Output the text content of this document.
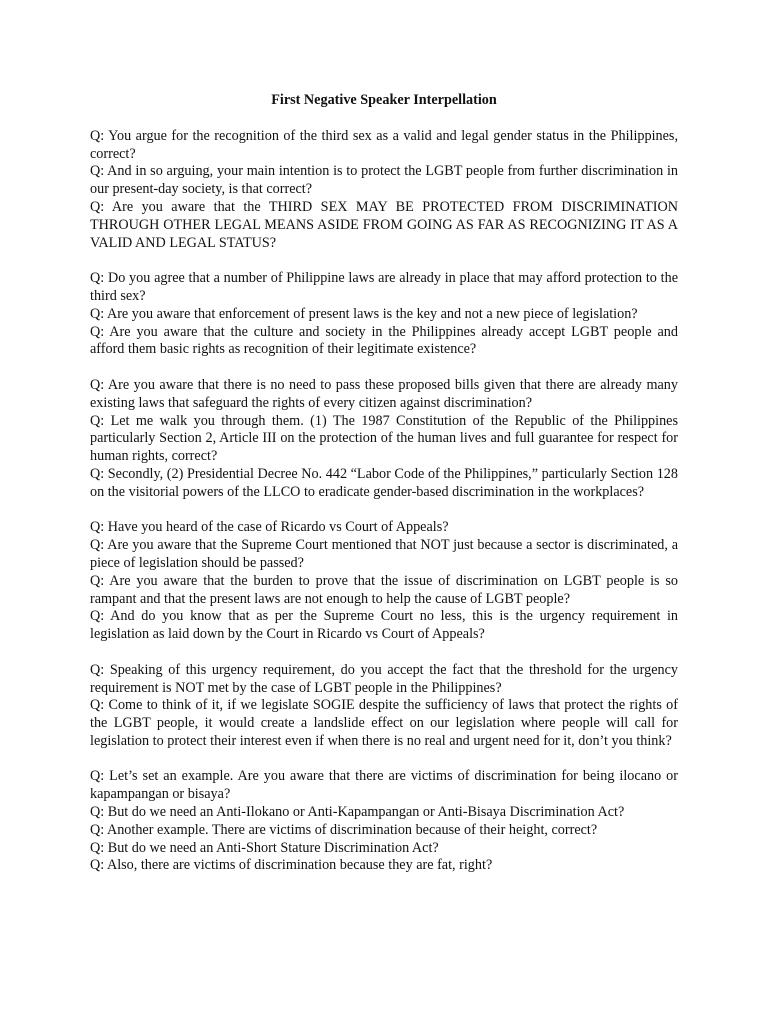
First Negative Speaker Interpellation

Q: You argue for the recognition of the third sex as a valid and legal gender status in the Philippines, correct?

Q: And in so arguing, your main intention is to protect the LGBT people from further discrimination in our present-day society, is that correct?

Q: Are you aware that the THIRD SEX MAY BE PROTECTED FROM DISCRIMINATION THROUGH OTHER LEGAL MEANS ASIDE FROM GOING AS FAR AS RECOGNIZING IT AS A VALID AND LEGAL STATUS?

Q: Do you agree that a number of Philippine laws are already in place that may afford protection to the third sex?

Q: Are you aware that enforcement of present laws is the key and not a new piece of legislation?

Q: Are you aware that the culture and society in the Philippines already accept LGBT people and afford them basic rights as recognition of their legitimate existence?

Q: Are you aware that there is no need to pass these proposed bills given that there are already many existing laws that safeguard the rights of every citizen against discrimination?

Q: Let me walk you through them. (1) The 1987 Constitution of the Republic of the Philippines particularly Section 2, Article III on the protection of the human lives and full guarantee for respect for human rights, correct?

Q: Secondly, (2) Presidential Decree No. 442 “Labor Code of the Philippines,” particularly Section 128 on the visitorial powers of the LLCO to eradicate gender-based discrimination in the workplaces?

Q: Have you heard of the case of Ricardo vs Court of Appeals?

Q: Are you aware that the Supreme Court mentioned that NOT just because a sector is discriminated, a piece of legislation should be passed?

Q: Are you aware that the burden to prove that the issue of discrimination on LGBT people is so rampant and that the present laws are not enough to help the cause of LGBT people?

Q: And do you know that as per the Supreme Court no less, this is the urgency requirement in legislation as laid down by the Court in Ricardo vs Court of Appeals?

Q: Speaking of this urgency requirement, do you accept the fact that the threshold for the urgency requirement is NOT met by the case of LGBT people in the Philippines?

Q: Come to think of it, if we legislate SOGIE despite the sufficiency of laws that protect the rights of the LGBT people, it would create a landslide effect on our legislation where people will call for legislation to protect their interest even if when there is no real and urgent need for it, don’t you think?

Q: Let’s set an example. Are you aware that there are victims of discrimination for being ilocano or kapampangan or bisaya?

Q: But do we need an Anti-Ilokano or Anti-Kapampangan or Anti-Bisaya Discrimination Act?

Q: Another example. There are victims of discrimination because of their height, correct?

Q: But do we need an Anti-Short Stature Discrimination Act?

Q: Also, there are victims of discrimination because they are fat, right?
